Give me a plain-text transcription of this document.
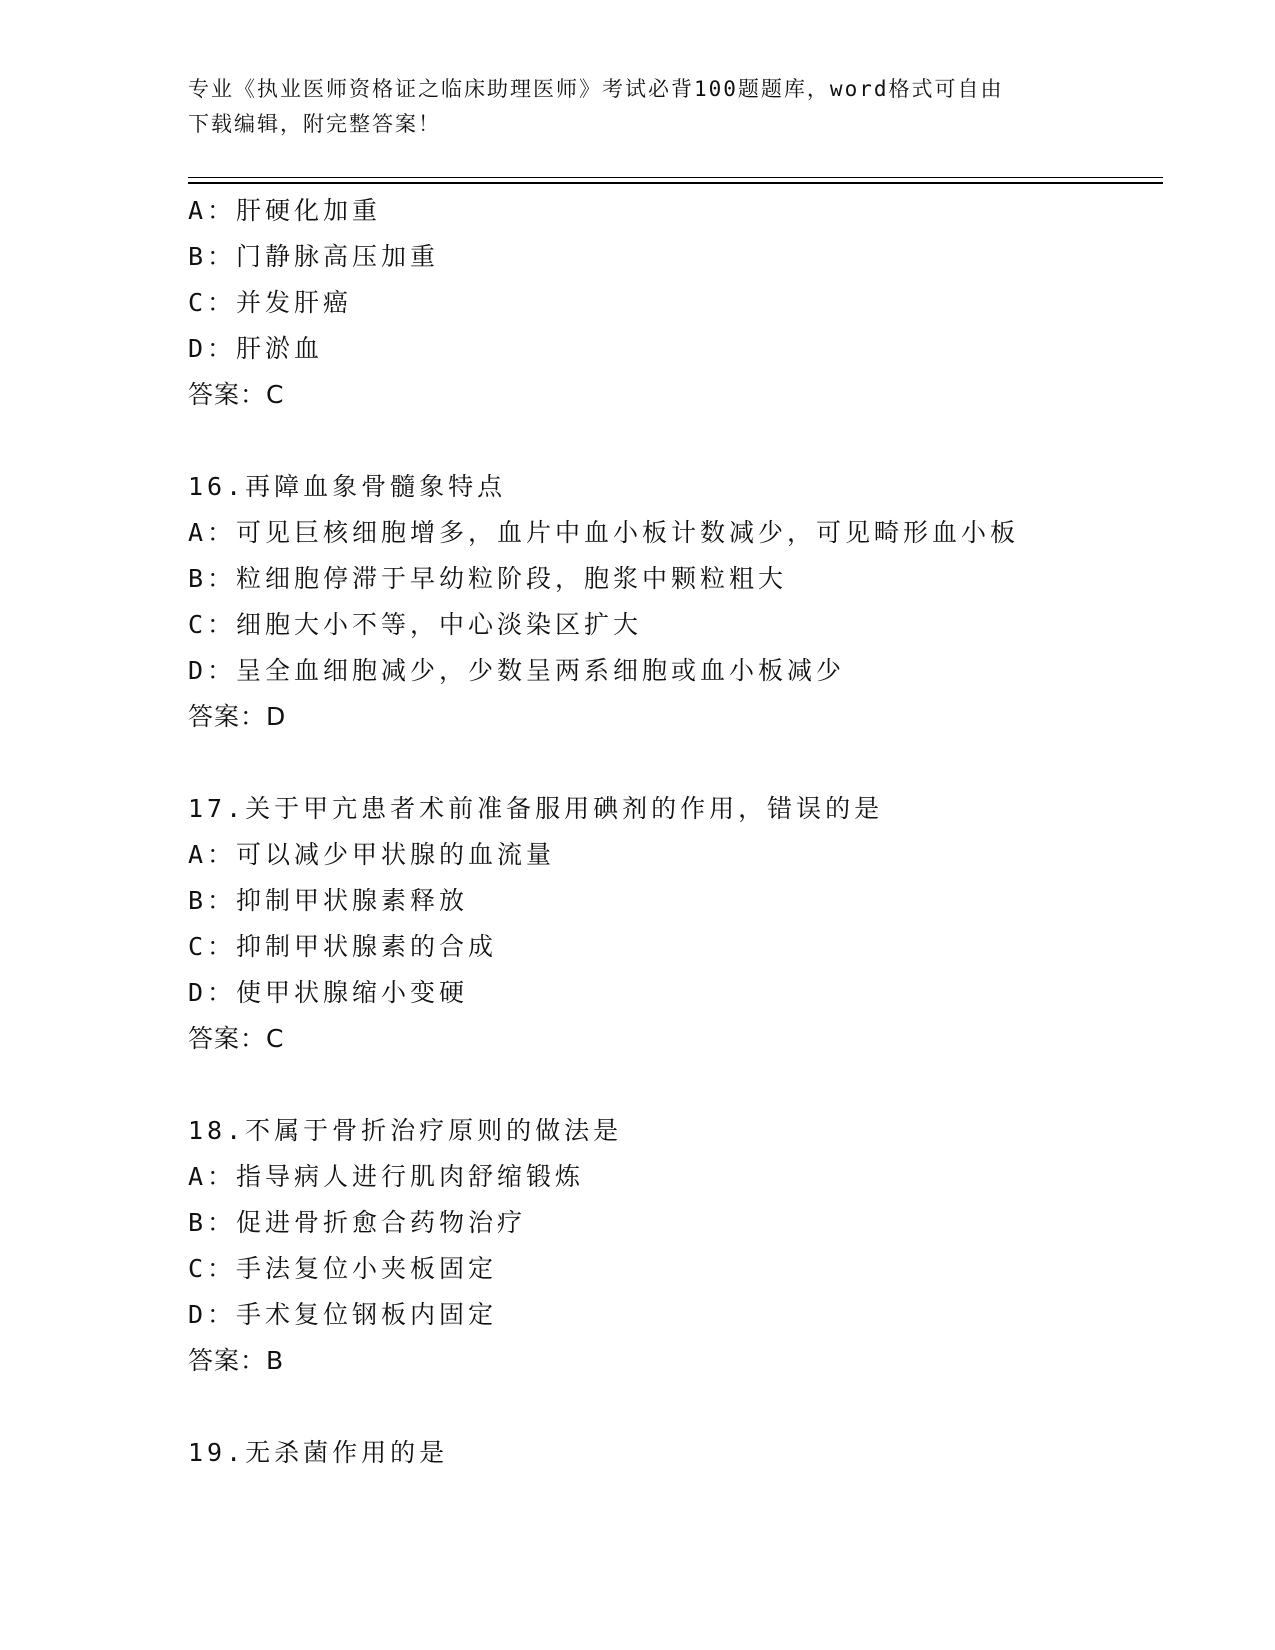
专业《执业医师资格证之临床助理医师》考试必背100题题库，word格式可自由
下载编辑，附完整答案！
A：肝硬化加重
B：门静脉高压加重
C：并发肝癌
D：肝淤血
答案：C
16.再障血象骨髓象特点
A：可见巨核细胞增多，血片中血小板计数减少，可见畸形血小板
B：粒细胞停滞于早幼粒阶段，胞浆中颗粒粗大
C：细胞大小不等，中心淡染区扩大
D：呈全血细胞减少，少数呈两系细胞或血小板减少
答案：D
17.关于甲亢患者术前准备服用碘剂的作用，错误的是
A：可以减少甲状腺的血流量
B：抑制甲状腺素释放
C：抑制甲状腺素的合成
D：使甲状腺缩小变硬
答案：C
18.不属于骨折治疗原则的做法是
A：指导病人进行肌肉舒缩锻炼
B：促进骨折愈合药物治疗
C：手法复位小夹板固定
D：手术复位钢板内固定
答案：B
19.无杀菌作用的是
